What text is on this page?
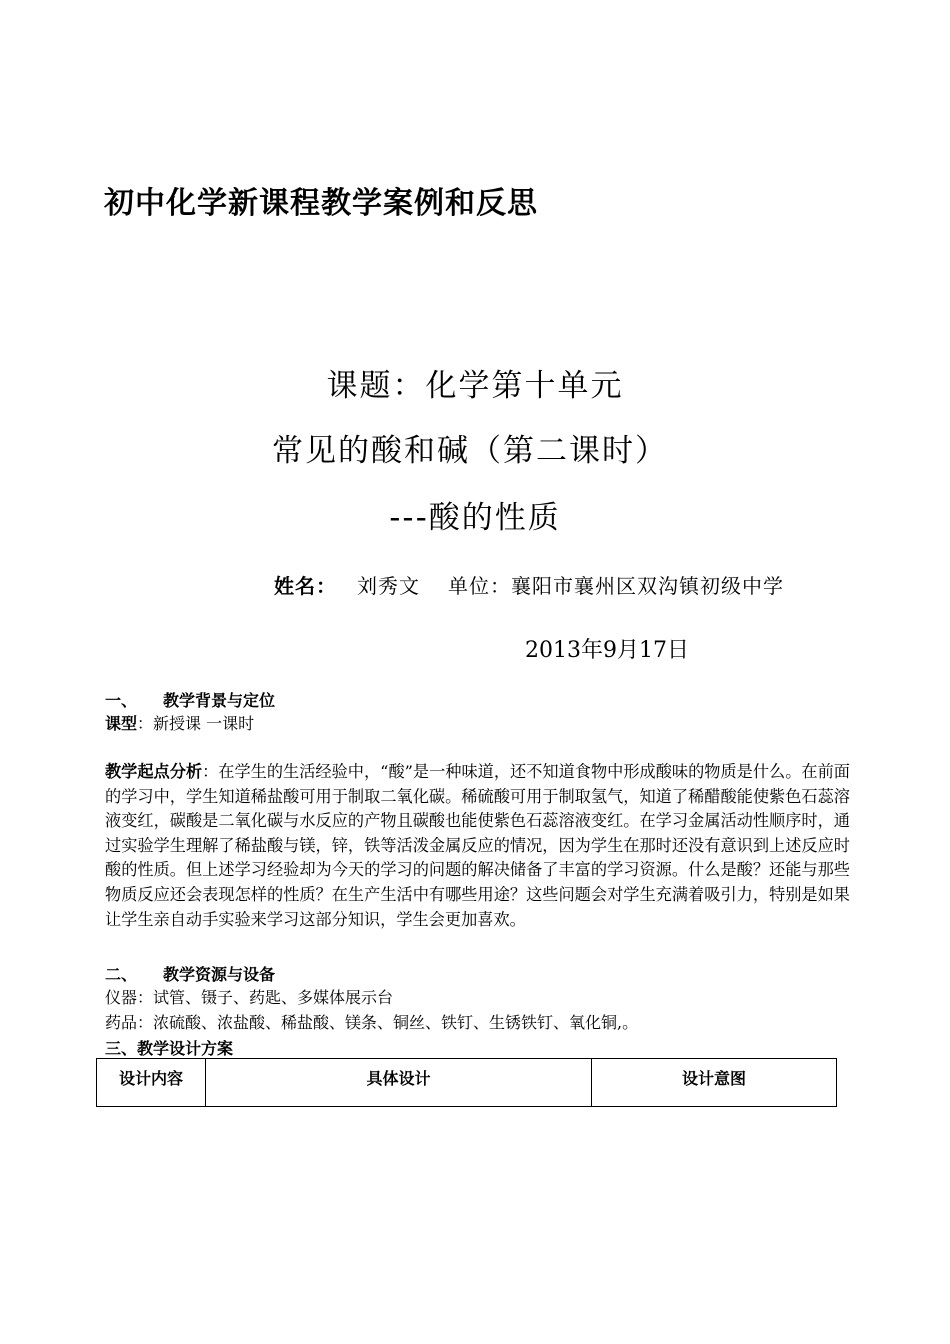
初中化学新课程教学案例和反思
课题：化学第十单元
常见的酸和碱（第二课时）
---酸的性质
姓名： 刘秀文 单位：襄阳市襄州区双沟镇初级中学
2013年9月17日
一、 教学背景与定位
课型：新授课 一课时
教学起点分析：在学生的生活经验中，“酸”是一种味道，还不知道食物中形成酸味的物质是什么。在前面的学习中，学生知道稀盐酸可用于制取二氧化碳。稀硫酸可用于制取氢气，知道了稀醋酸能使紫色石蕊溶液变红，碳酸是二氧化碳与水反应的产物且碳酸也能使紫色石蕊溶液变红。在学习金属活动性顺序时，通过实验学生理解了稀盐酸与镁，锌，铁等活泼金属反应的情况，因为学生在那时还没有意识到上述反应时酸的性质。但上述学习经验却为今天的学习的问题的解决储备了丰富的学习资源。什么是酸？还能与那些物质反应还会表现怎样的性质？在生产生活中有哪些用途？这些问题会对学生充满着吸引力，特别是如果让学生亲自动手实验来学习这部分知识，学生会更加喜欢。
二、 教学资源与设备
仪器：试管、镊子、药匙、多媒体展示台
药品：浓硫酸、浓盐酸、稀盐酸、镁条、铜丝、铁钉、生锈铁钉、氧化铜,。
三、教学设计方案
设计内容	具体设计	设计意图
